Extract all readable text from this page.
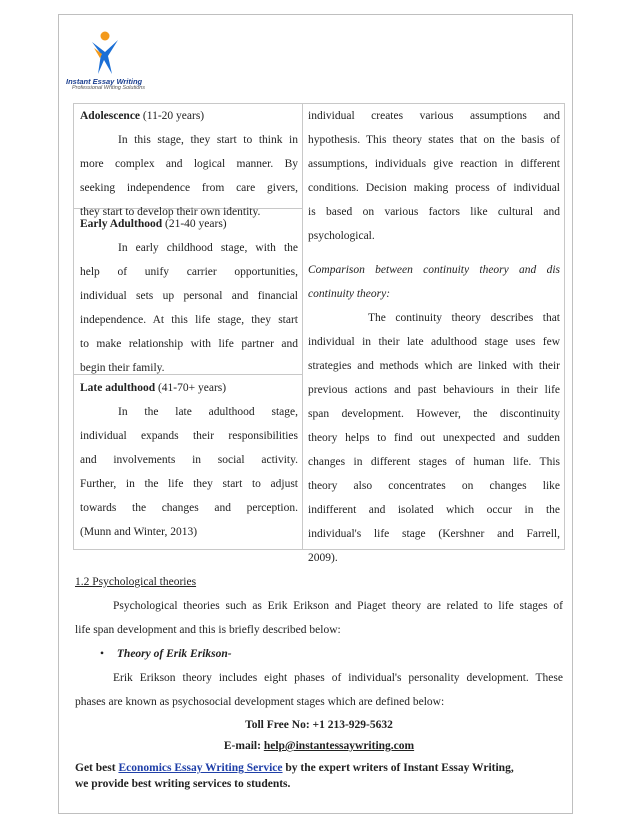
Instant Essay Writing
Professional Writing Solutions
Adolescence (11-20 years)
In this stage, they start to think in
more complex and logical manner. By
seeking independence from care givers,
they start to develop their own identity.
Early Adulthood (21-40 years)
In early childhood stage, with the
help of unify carrier opportunities,
individual sets up personal and financial
independence. At this life stage, they start
to make relationship with life partner and
begin their family.
Late adulthood (41-70+ years)
In the late adulthood stage,
individual expands their responsibilities
and involvements in social activity.
Further, in the life they start to adjust
towards the changes and perception.
(Munn and Winter, 2013)
individual creates various assumptions and
hypothesis. This theory states that on the basis of
assumptions, individuals give reaction in different
conditions. Decision making process of individual
is based on various factors like cultural and
psychological.
Comparison between continuity theory and dis
continuity theory:
The continuity theory describes that
individual in their late adulthood stage uses few
strategies and methods which are linked with their
previous actions and past behaviours in their life
span development. However, the discontinuity
theory helps to find out unexpected and sudden
changes in different stages of human life. This
theory also concentrates on changes like
indifferent and isolated which occur in the
individual's life stage (Kershner and Farrell,
2009).
1.2 Psychological theories
Psychological theories such as Erik Erikson and Piaget theory are related to life stages of
life span development and this is briefly described below:
• Theory of Erik Erikson-
Erik Erikson theory includes eight phases of individual's personality development. These
phases are known as psychosocial development stages which are defined below:
Toll Free No: +1 213-929-5632
E-mail: help@instantessaywriting.com
Get best Economics Essay Writing Service by the expert writers of Instant Essay Writing,
we provide best writing services to students.
